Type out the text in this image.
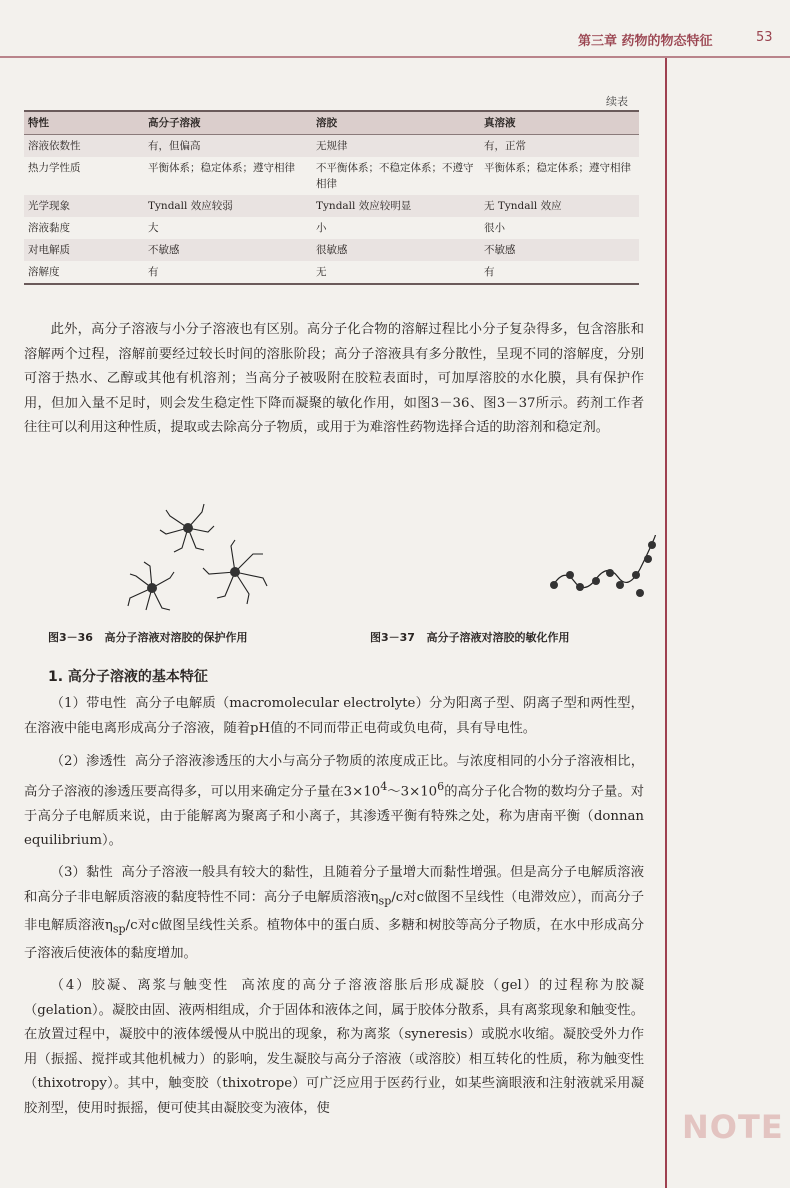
第三章 药物的物态特征	53
续表
特性	高分子溶液	溶胶	真溶液
溶液依数性	有，但偏高	无规律	有，正常
热力学性质	平衡体系；稳定体系；遵守相律	不平衡体系；不稳定体系；不遵守相律	平衡体系；稳定体系；遵守相律
光学现象	Tyndall 效应较弱	Tyndall 效应较明显	无 Tyndall 效应
溶液黏度	大	小	很小
对电解质	不敏感	很敏感	不敏感
溶解度	有	无	有

此外，高分子溶液与小分子溶液也有区别。高分子化合物的溶解过程比小分子复杂得多，包含溶胀和溶解两个过程，溶解前要经过较长时间的溶胀阶段；高分子溶液具有多分散性，呈现不同的溶解度，分别可溶于热水、乙醇或其他有机溶剂；当高分子被吸附在胶粒表面时，可加厚溶胶的水化膜，具有保护作用，但加入量不足时，则会发生稳定性下降而凝聚的敏化作用，如图3－36、图3－37所示。药剂工作者往往可以利用这种性质，提取或去除高分子物质，或用于为难溶性药物选择合适的助溶剂和稳定剂。

图3－36 高分子溶液对溶胶的保护作用	图3－37 高分子溶液对溶胶的敏化作用
1. 高分子溶液的基本特征

（1）带电性 高分子电解质（macromolecular electrolyte）分为阳离子型、阴离子型和两性型，在溶液中能电离形成高分子溶液，随着pH值的不同而带正电荷或负电荷，具有导电性。

（2）渗透性 高分子溶液渗透压的大小与高分子物质的浓度成正比。与浓度相同的小分子溶液相比，高分子溶液的渗透压要高得多，可以用来确定分子量在$3\times 10^4\sim 3\times 10^6$的高分子化合物的数均分子量。对于高分子电解质来说，由于能解离为聚离子和小离子，其渗透平衡有特殊之处，称为唐南平衡（donnan equilibrium）。

（3）黏性 高分子溶液一般具有较大的黏性，且随着分子量增大而黏性增强。但是高分子电解质溶液和高分子非电解质溶液的黏度特性不同：高分子电解质溶液$\eta_{sp}/c$对c做图不呈线性（电滞效应），而高分子非电解质溶液$\eta_{sp}/c$对c做图呈线性关系。植物体中的蛋白质、多糖和树胶等高分子物质，在水中形成高分子溶液后使液体的黏度增加。

（4）胶凝、离浆与触变性 高浓度的高分子溶液溶胀后形成凝胶（gel）的过程称为胶凝（gelation）。凝胶由固、液两相组成，介于固体和液体之间，属于胶体分散系，具有离浆现象和触变性。在放置过程中，凝胶中的液体缓慢从中脱出的现象，称为离浆（syneresis）或脱水收缩。凝胶受外力作用（振摇、搅拌或其他机械力）的影响，发生凝胶与高分子溶液（或溶胶）相互转化的性质，称为触变性（thixotropy）。其中，触变胶（thixotrope）可广泛应用于医药行业，如某些滴眼液和注射液就采用凝胶剂型，使用时振摇，便可使其由凝胶变为液体，使	NOTE
